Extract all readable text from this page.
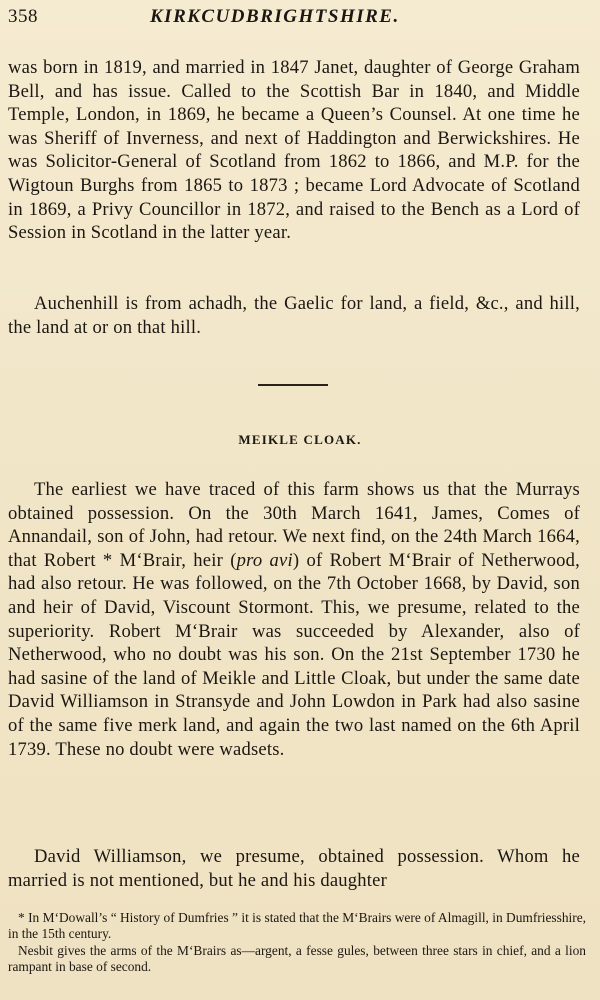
358	KIRKCUDBRIGHTSHIRE.

was born in 1819, and married in 1847 Janet, daughter of George Graham Bell, and has issue. Called to the Scottish Bar in 1840, and Middle Temple, London, in 1869, he became a Queen’s Counsel. At one time he was Sheriff of Inverness, and next of Haddington and Berwickshires. He was Solicitor-General of Scotland from 1862 to 1866, and M.P. for the Wigtoun Burghs from 1865 to 1873 ; became Lord Advocate of Scotland in 1869, a Privy Councillor in 1872, and raised to the Bench as a Lord of Session in Scotland in the latter year.

Auchenhill is from achadh, the Gaelic for land, a field, &c., and hill, the land at or on that hill.

MEIKLE CLOAK.

The earliest we have traced of this farm shows us that the Murrays obtained possession. On the 30th March 1641, James, Comes of Annandail, son of John, had retour. We next find, on the 24th March 1664, that Robert * M‘Brair, heir (pro avi) of Robert M‘Brair of Netherwood, had also retour. He was followed, on the 7th October 1668, by David, son and heir of David, Viscount Stormont. This, we presume, related to the superiority. Robert M‘Brair was succeeded by Alexander, also of Netherwood, who no doubt was his son. On the 21st September 1730 he had sasine of the land of Meikle and Little Cloak, but under the same date David Williamson in Stransyde and John Lowdon in Park had also sasine of the same five merk land, and again the two last named on the 6th April 1739. These no doubt were wadsets.

David Williamson, we presume, obtained possession. Whom he married is not mentioned, but he and his daughter

* In M‘Dowall’s “ History of Dumfries ” it is stated that the M‘Brairs were of Almagill, in Dumfriesshire, in the 15th century.

Nesbit gives the arms of the M‘Brairs as—argent, a fesse gules, between three stars in chief, and a lion rampant in base of second.
